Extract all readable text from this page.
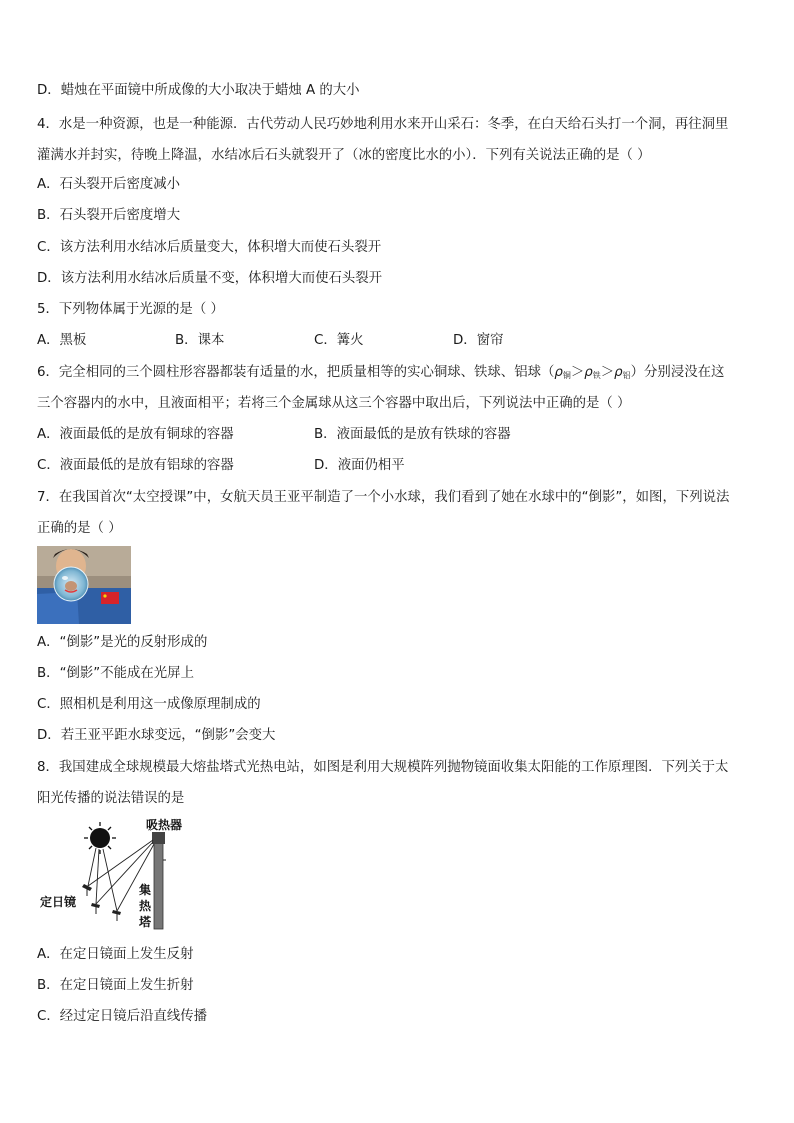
D．蜡烛在平面镜中所成像的大小取决于蜡烛 A 的大小
4．水是一种资源，也是一种能源．古代劳动人民巧妙地利用水来开山采石：冬季，在白天给石头打一个洞，再往洞里
灌满水并封实，待晚上降温，水结冰后石头就裂开了（冰的密度比水的小）．下列有关说法正确的是（ ）
A．石头裂开后密度减小
B．石头裂开后密度增大
C．该方法利用水结冰后质量变大，体积增大而使石头裂开
D．该方法利用水结冰后质量不变，体积增大而使石头裂开
5．下列物体属于光源的是（ ）
A．黑板	B．课本	C．篝火	D．窗帘
6．完全相同的三个圆柱形容器都装有适量的水，把质量相等的实心铜球、铁球、铝球$(\rho_铜>\rho_铁>\rho_铝)$分别浸没在这
三个容器内的水中，且液面相平；若将三个金属球从这三个容器中取出后，下列说法中正确的是（ ）
A．液面最低的是放有铜球的容器	B．液面最低的是放有铁球的容器
C．液面最低的是放有铝球的容器	D．液面仍相平
7．在我国首次“太空授课”中，女航天员王亚平制造了一个小水球，我们看到了她在水球中的“倒影”，如图，下列说法
正确的是（ ）
A．“倒影”是光的反射形成的
B．“倒影”不能成在光屏上
C．照相机是利用这一成像原理制成的
D．若王亚平距水球变远，“倒影”会变大
8．我国建成全球规模最大熔盐塔式光热电站，如图是利用大规模阵列抛物镜面收集太阳能的工作原理图．下列关于太
阳光传播的说法错误的是
吸热器
定日镜
集
热
塔
A．在定日镜面上发生反射
B．在定日镜面上发生折射
C．经过定日镜后沿直线传播
